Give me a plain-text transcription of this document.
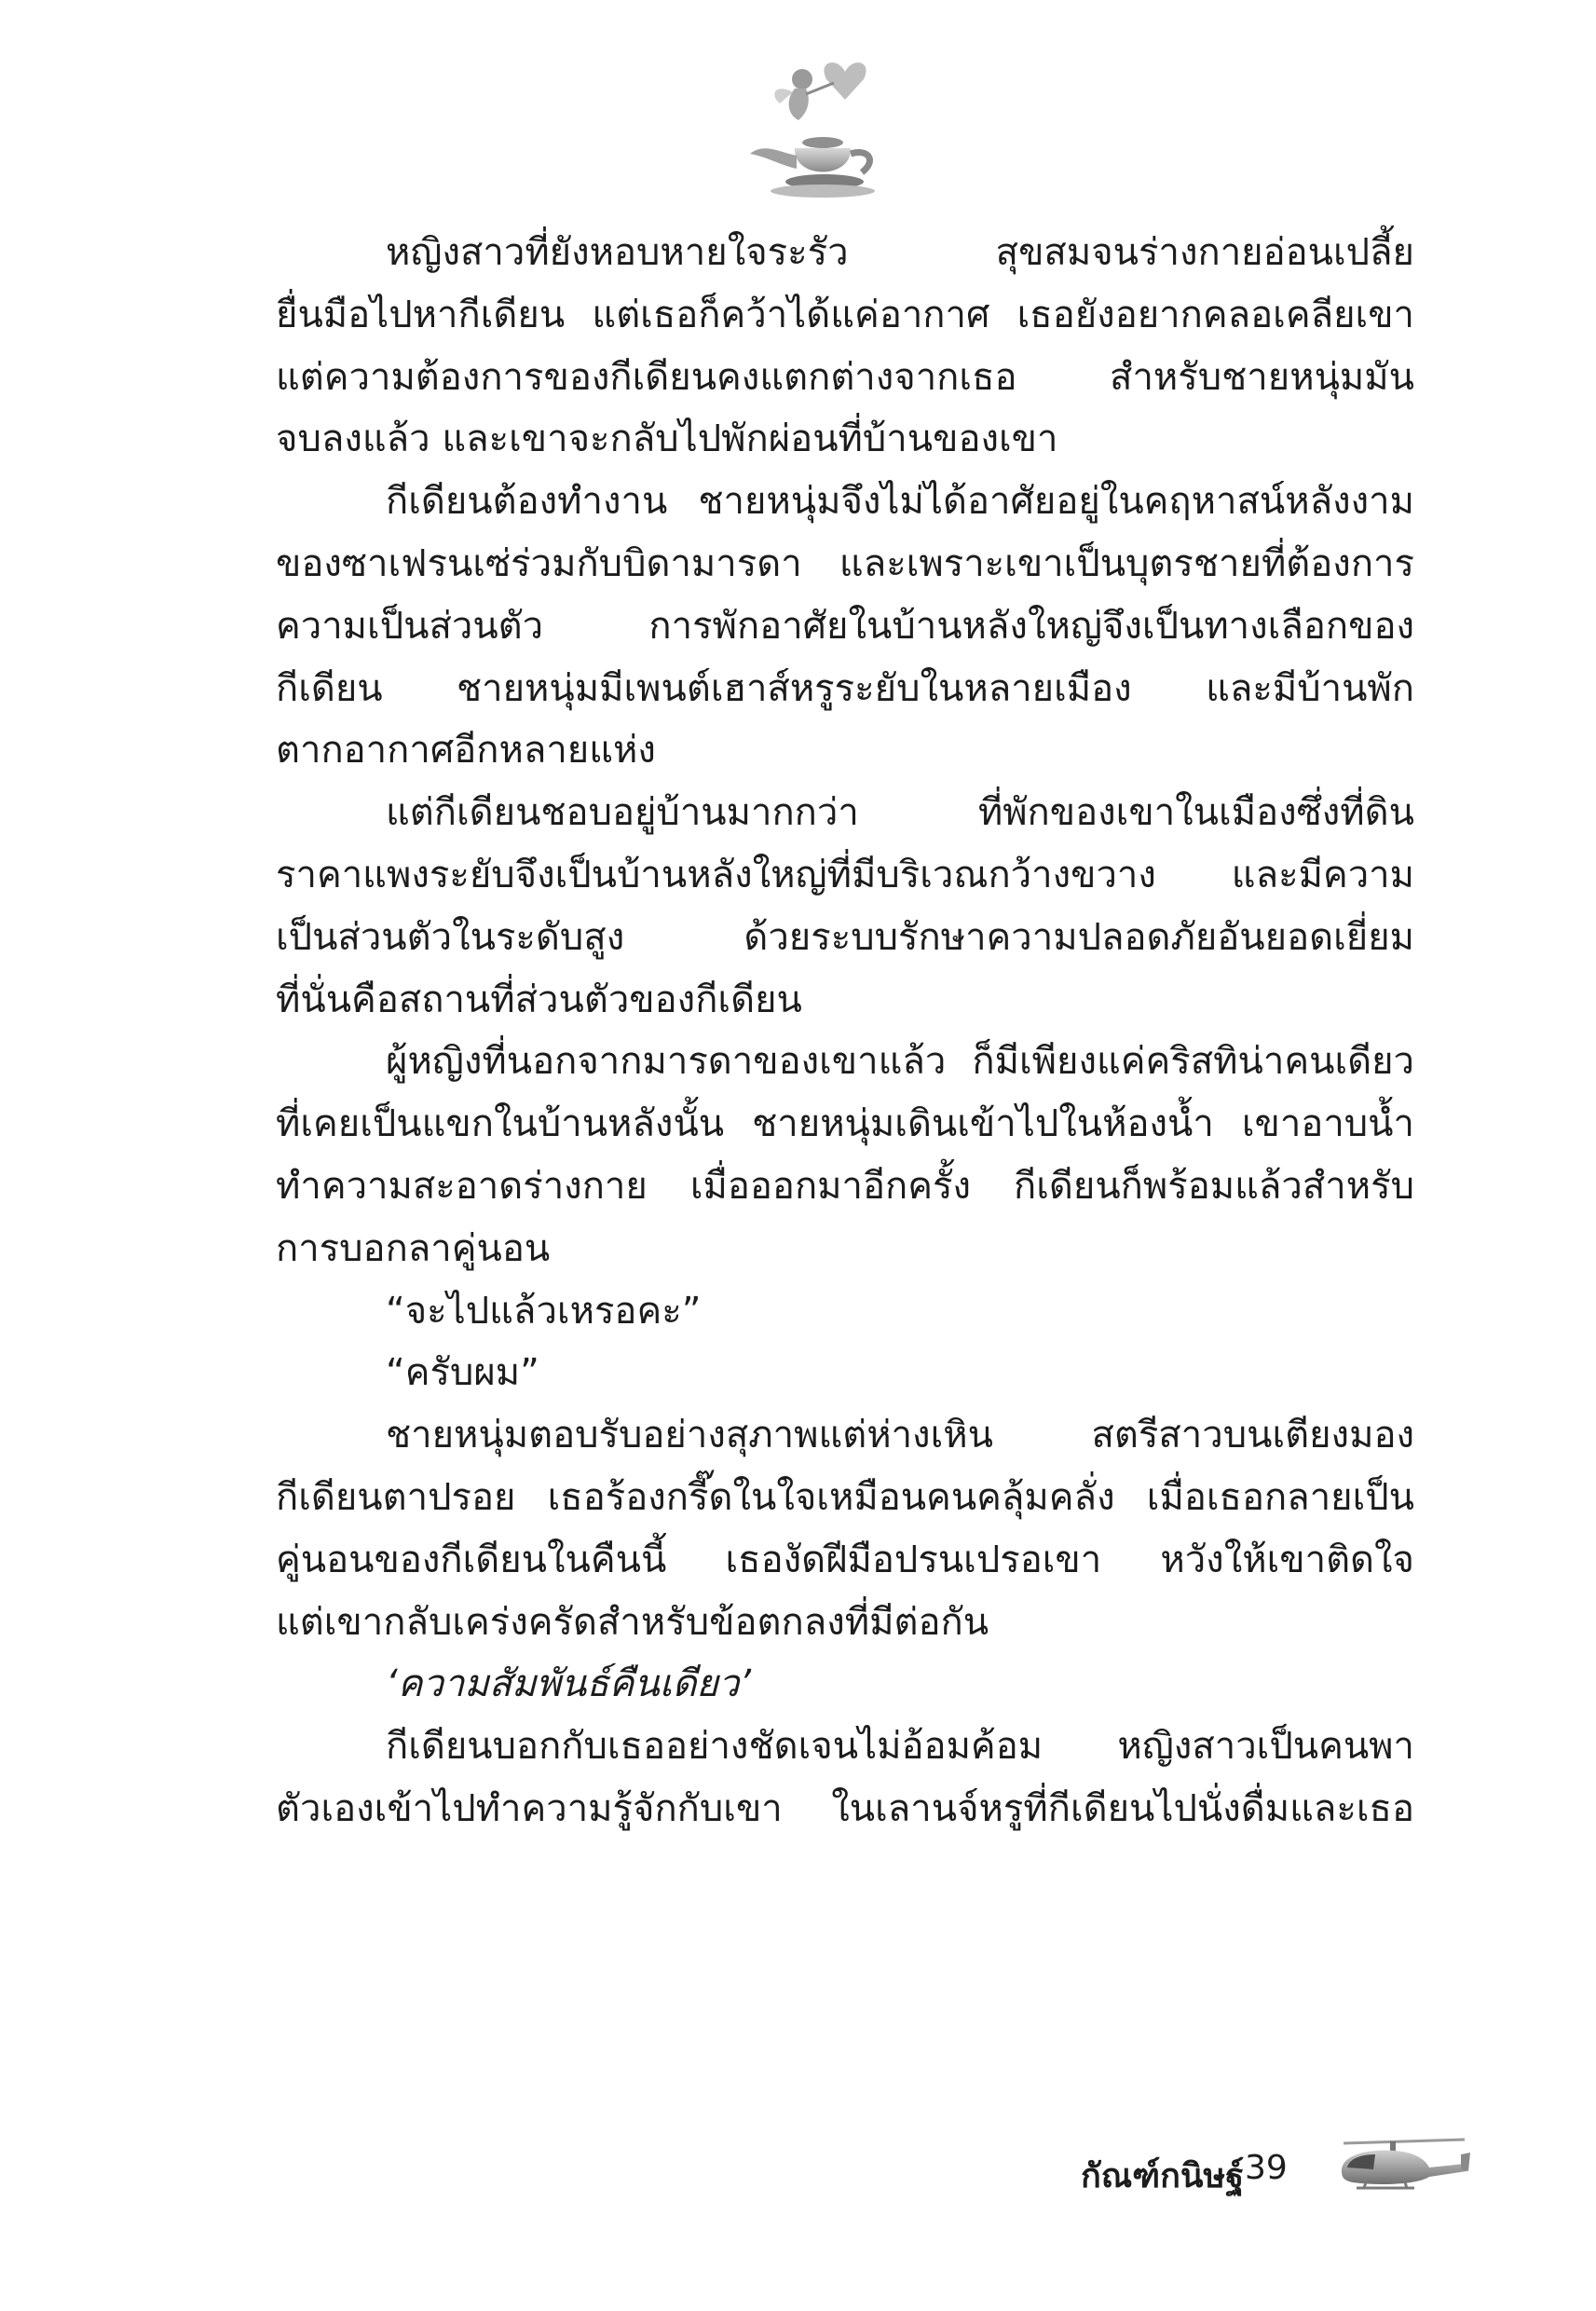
หญิงสาวที่ยังหอบหายใจระรัว สุขสมจนร่างกายอ่อนเปลี้ย
ยื่นมือไปหากีเดียน แต่เธอก็คว้าได้แค่อากาศ เธอยังอยากคลอเคลียเขา
แต่ความต้องการของกีเดียนคงแตกต่างจากเธอ สำหรับชายหนุ่มมัน
จบลงแล้ว และเขาจะกลับไปพักผ่อนที่บ้านของเขา
กีเดียนต้องทำงาน ชายหนุ่มจึงไม่ได้อาศัยอยู่ในคฤหาสน์หลังงาม
ของซาเฟรนเซ่ร่วมกับบิดามารดา และเพราะเขาเป็นบุตรชายที่ต้องการ
ความเป็นส่วนตัว การพักอาศัยในบ้านหลังใหญ่จึงเป็นทางเลือกของ
กีเดียน ชายหนุ่มมีเพนต์เฮาส์หรูระยับในหลายเมือง และมีบ้านพัก
ตากอากาศอีกหลายแห่ง
แต่กีเดียนชอบอยู่บ้านมากกว่า ที่พักของเขาในเมืองซึ่งที่ดิน
ราคาแพงระยับจึงเป็นบ้านหลังใหญ่ที่มีบริเวณกว้างขวาง และมีความ
เป็นส่วนตัวในระดับสูง ด้วยระบบรักษาความปลอดภัยอันยอดเยี่ยม
ที่นั่นคือสถานที่ส่วนตัวของกีเดียน
ผู้หญิงที่นอกจากมารดาของเขาแล้ว ก็มีเพียงแค่คริสทิน่าคนเดียว
ที่เคยเป็นแขกในบ้านหลังนั้น ชายหนุ่มเดินเข้าไปในห้องน้ำ เขาอาบน้ำ
ทำความสะอาดร่างกาย เมื่อออกมาอีกครั้ง กีเดียนก็พร้อมแล้วสำหรับ
การบอกลาคู่นอน
“จะไปแล้วเหรอคะ”
“ครับผม”
ชายหนุ่มตอบรับอย่างสุภาพแต่ห่างเหิน สตรีสาวบนเตียงมอง
กีเดียนตาปรอย เธอร้องกรี๊ดในใจเหมือนคนคลุ้มคลั่ง เมื่อเธอกลายเป็น
คู่นอนของกีเดียนในคืนนี้ เธองัดฝีมือปรนเปรอเขา หวังให้เขาติดใจ
แต่เขากลับเคร่งครัดสำหรับข้อตกลงที่มีต่อกัน
‘ความสัมพันธ์คืนเดียว’
กีเดียนบอกกับเธออย่างชัดเจนไม่อ้อมค้อม หญิงสาวเป็นคนพา
ตัวเองเข้าไปทำความรู้จักกับเขา ในเลานจ์หรูที่กีเดียนไปนั่งดื่มและเธอ
กัณฑ์กนิษฐ์ 39
